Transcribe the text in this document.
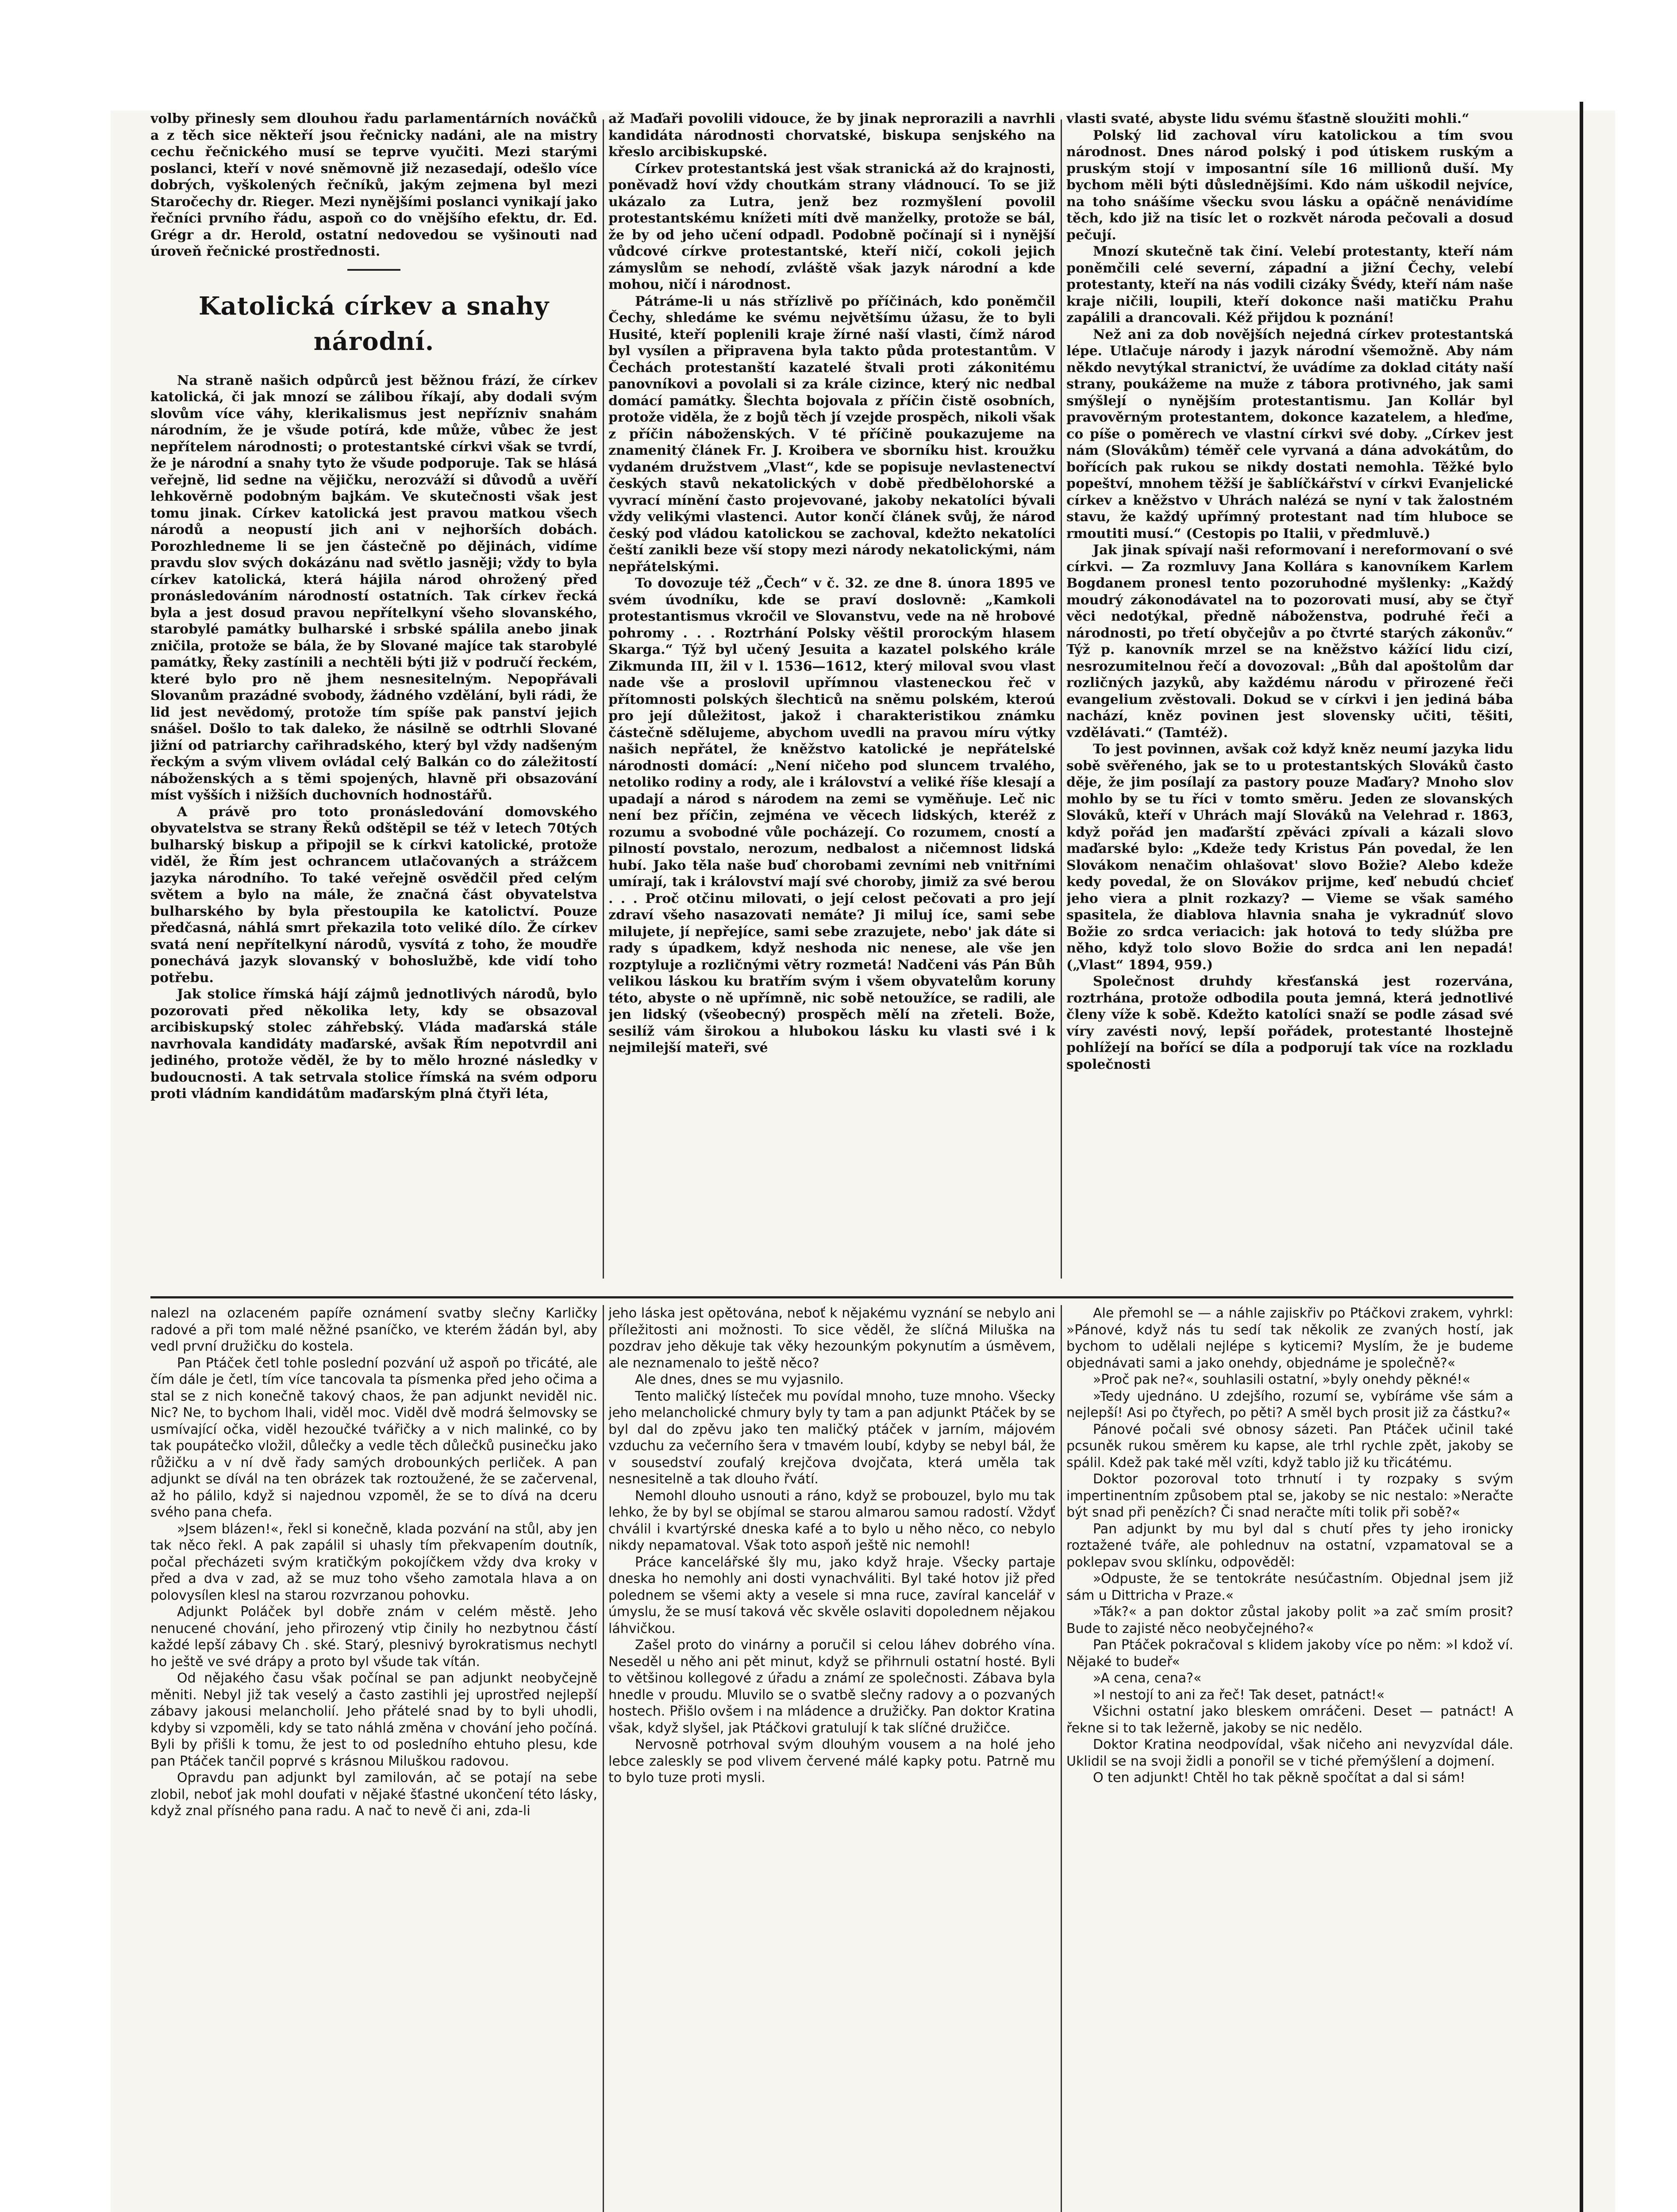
volby přinesly sem dlouhou řadu parlamentárních nováčků a z těch sice někteří jsou řečnicky nadáni, ale na mistry cechu řečnického musí se teprve vyučiti. Mezi starými poslanci, kteří v nové sněmovně již nezasedají, odešlo více dobrých, vyškolených řečníků, jakým zejmena byl mezi Staročechy dr. Rieger. Mezi nynějšími poslanci vynikají jako řečníci prvního řádu, aspoň co do vnějšího efektu, dr. Ed. Grégr a dr. Herold, ostatní nedovedou se vyšinouti nad úroveň řečnické prostřednosti.

Katolická církev a snahy národní.

Na straně našich odpůrců jest běžnou frází, že církev katolická, či jak mnozí se zálibou říkají, aby dodali svým slovům více váhy, klerikalismus jest nepřízniv snahám národním, že je všude potírá, kde může, vůbec že jest nepřítelem národnosti; o protestantské církvi však se tvrdí, že je národní a snahy tyto že všude podporuje. Tak se hlásá veřejně, lid sedne na vějičku, nerozváží si důvodů a uvěří lehkověrně podobným bajkám. Ve skutečnosti však jest tomu jinak. Církev katolická jest pravou matkou všech národů a neopustí jich ani v nejhorších dobách. Porozhledneme li se jen částečně po dějinách, vidíme pravdu slov svých dokázánu nad světlo jasněji; vždy to byla církev katolická, která hájila národ ohrožený před pronásledováním národností ostatních. Tak církev řecká byla a jest dosud pravou nepřítelkyní všeho slovanského, starobylé památky bulharské i srbské spálila anebo jinak zničila, protože se bála, že by Slované majíce tak starobylé památky, Řeky zastínili a nechtěli býti již v područí řeckém, které bylo pro ně jhem nesnesitelným. Nepopřávali Slovanům prazádné svobody, žádného vzdělání, byli rádi, že lid jest nevědomý, protože tím spíše pak panství jejich snášel. Došlo to tak daleko, že násilně se odtrhli Slované jižní od patriarchy cařihradského, který byl vždy nadšeným řeckým a svým vlivem ovládal celý Balkán co do záležitostí náboženských a s těmi spojených, hlavně při obsazování míst vyšších i nižších duchovních hodnostářů.

A právě pro toto pronásledování domovského obyvatelstva se strany Řeků odštěpil se též v letech 70tých bulharský biskup a připojil se k církvi katolické, protože viděl, že Řím jest ochrancem utlačovaných a strážcem jazyka národního. To také veřejně osvědčil před celým světem a bylo na mále, že značná část obyvatelstva bulharského by byla přestoupila ke katolictví. Pouze předčasná, náhlá smrt překazila toto veliké dílo. Že církev svatá není nepřítelkyní národů, vysvítá z toho, že moudře ponechává jazyk slovanský v bohoslužbě, kde vidí toho potřebu.

Jak stolice římská hájí zájmů jednotlivých národů, bylo pozorovati před několika lety, kdy se obsazoval arcibiskupský stolec záhřebský. Vláda maďarská stále navrhovala kandidáty maďarské, avšak Řím nepotvrdil ani jediného, protože věděl, že by to mělo hrozné následky v budoucnosti. A tak setrvala stolice římská na svém odporu proti vládním kandidátům maďarským plná čtyři léta,

až Maďaři povolili vidouce, že by jinak neprorazili a navrhli kandidáta národnosti chorvatské, biskupa senjského na křeslo arcibiskupské.

Církev protestantská jest však stranická až do krajnosti, poněvadž hoví vždy choutkám strany vládnoucí. To se již ukázalo za Lutra, jenž bez rozmyšlení povolil protestantskému knížeti míti dvě manželky, protože se bál, že by od jeho učení odpadl. Podobně počínají si i nynější vůdcové církve protestantské, kteří ničí, cokoli jejich zámyslům se nehodí, zvláště však jazyk národní a kde mohou, ničí i národnost.

Pátráme-li u nás střízlivě po příčinách, kdo poněmčil Čechy, shledáme ke svému největšímu úžasu, že to byli Husité, kteří poplenili kraje žírné naší vlasti, čímž národ byl vysílen a připravena byla takto půda protestantům. V Čechách protestanští kazatelé štvali proti zákonitému panovníkovi a povolali si za krále cizince, který nic nedbal domácí památky. Šlechta bojovala z příčin čistě osobních, protože viděla, že z bojů těch jí vzejde prospěch, nikoli však z příčin náboženských. V té příčině poukazujeme na znamenitý článek Fr. J. Kroibera ve sborníku hist. kroužku vydaném družstvem „Vlast“, kde se popisuje nevlastenectví českých stavů nekatolických v době předbělohorské a vyvrací mínění často projevované, jakoby nekatolíci bývali vždy velikými vlastenci. Autor končí článek svůj, že národ český pod vládou katolickou se zachoval, kdežto nekatolíci čeští zanikli beze vší stopy mezi národy nekatolickými, nám nepřátelskými.

To dovozuje též „Čech“ v č. 32. ze dne 8. února 1895 ve svém úvodníku, kde se praví doslovně: „Kamkoli protestantismus vkročil ve Slovanstvu, vede na ně hrobové pohromy . . . Roztrhání Polsky věštil prorockým hlasem Skarga.“ Týž byl učený Jesuita a kazatel polského krále Zikmunda III, žil v l. 1536—1612, který miloval svou vlast nade vše a proslovil upřímnou vlasteneckou řeč v přítomnosti polských šlechticů na sněmu polském, kteroú pro její důležitost, jakož i charakteristikou známku částečně sdělujeme, abychom uvedli na pravou míru výtky našich nepřátel, že kněžstvo katolické je nepřátelské národnosti domácí: „Není ničeho pod sluncem trvalého, netoliko rodiny a rody, ale i království a veliké říše klesají a upadají a národ s národem na zemi se vyměňuje. Leč nic není bez příčin, zejména ve věcech lidských, kteréž z rozumu a svobodné vůle pocházejí. Co rozumem, cností a pilností povstalo, nerozum, nedbalost a ničemnost lidská hubí. Jako těla naše buď chorobami zevními neb vnitřními umírají, tak i království mají své choroby, jimiž za své berou . . . Proč otčinu milovati, o její celost pečovati a pro její zdraví všeho nasazovati nemáte? Ji miluj íce, sami sebe milujete, jí nepřejíce, sami sebe zrazujete, nebo' jak dáte si rady s úpadkem, když neshoda nic nenese, ale vše jen rozptyluje a rozličnými větry rozmetá! Nadčeni vás Pán Bůh velikou láskou ku bratřím svým i všem obyvatelům koruny této, abyste o ně upřímně, nic sobě netoužíce, se radili, ale jen lidský (všeobecný) prospěch mělí na zřeteli. Bože, sesilíž vám širokou a hlubokou lásku ku vlasti své i k nejmilejší mateři, své

vlasti svaté, abyste lidu svému šťastně sloužiti mohli.“

Polský lid zachoval víru katolickou a tím svou národnost. Dnes národ polský i pod útiskem ruským a pruským stojí v imposantní síle 16 millionů duší. My bychom měli býti důslednějšími. Kdo nám uškodil nejvíce, na toho snášíme všecku svou lásku a opáčně nenávidíme těch, kdo již na tisíc let o rozkvět národa pečovali a dosud pečují.

Mnozí skutečně tak činí. Velebí protestanty, kteří nám poněmčili celé severní, západní a jižní Čechy, velebí protestanty, kteří na nás vodili cizáky Švédy, kteří nám naše kraje ničili, loupili, kteří dokonce naši matičku Prahu zapálili a drancovali. Kéž přijdou k poznání!

Než ani za dob novějších nejedná církev protestantská lépe. Utlačuje národy i jazyk národní všemožně. Aby nám někdo nevytýkal stranictví, že uvádíme za doklad citáty naší strany, poukážeme na muže z tábora protivného, jak sami smýšlejí o nynějším protestantismu. Jan Kollár byl pravověrným protestantem, dokonce kazatelem, a hleďme, co píše o poměrech ve vlastní církvi své doby. „Církev jest nám (Slovákům) téměř cele vyrvaná a dána advokátům, do bořících pak rukou se nikdy dostati nemohla. Těžké bylo popeštví, mnohem těžší je šablíčkářství v církvi Evanjelické církev a kněžstvo v Uhrách nalézá se nyní v tak žalostném stavu, že každý upřímný protestant nad tím hluboce se rmoutiti musí.“ (Cestopis po Italii, v předmluvě.)

Jak jinak spívají naši reformovaní i nereformovaní o své církvi. — Za rozmluvy Jana Kollára s kanovníkem Karlem Bogdanem pronesl tento pozoruhodné myšlenky: „Každý moudrý zákonodávatel na to pozorovati musí, aby se čtyř věci nedotýkal, předně náboženstva, podruhé řeči a národnosti, po třetí obyčejův a po čtvrté starých zákonův.“ Týž p. kanovník mrzel se na kněžstvo kážící lidu cizí, nesrozumitelnou řečí a dovozoval: „Bůh dal apoštolům dar rozličných jazyků, aby každému národu v přirozené řeči evangelium zvěstovali. Dokud se v církvi i jen jediná bába nachází, kněz povinen jest slovensky učiti, těšiti, vzdělávati.“ (Tamtéž).

To jest povinnen, avšak což když kněz neumí jazyka lidu sobě svěřeného, jak se to u protestantských Slováků často děje, že jim posílají za pastory pouze Maďary? Mnoho slov mohlo by se tu říci v tomto směru. Jeden ze slovanských Slováků, kteří v Uhrách mají Slováků na Velehrad r. 1863, když pořád jen maďarští zpěváci zpívali a kázali slovo maďarské bylo: „Kdeže tedy Kristus Pán povedal, že len Slovákom nenačim ohlašovat' slovo Božie? Alebo kdeže kedy povedal, že on Slovákov prijme, keď nebudú chcieť jeho viera a plnit rozkazy? — Vieme se však samého spasitela, že diablova hlavnia snaha je vykradnúť slovo Božie zo srdca veriacich: jak hotová to tedy slúžba pre něho, když tolo slovo Božie do srdca ani len nepadá! („Vlast“ 1894, 959.)

Společnost druhdy křesťanská jest rozervána, roztrhána, protože odbodila pouta jemná, která jednotlivé členy víže k sobě. Kdežto katolíci snaží se podle zásad své víry zavésti nový, lepší pořádek, protestanté lhostejně pohlížejí na bořící se díla a podporují tak více na rozkladu společnosti

nalezl na ozlaceném papíře oznámení svatby slečny Karličky radové a při tom malé něžné psaníčko, ve kterém žádán byl, aby vedl první družičku do kostela.

Pan Ptáček četl tohle poslední pozvání už aspoň po třicáté, ale čím dále je četl, tím více tancovala ta písmenka před jeho očima a stal se z nich konečně takový chaos, že pan adjunkt neviděl nic. Nic? Ne, to bychom lhali, viděl moc. Viděl dvě modrá šelmovsky se usmívající očka, viděl hezoučké tvářičky a v nich malinké, co by tak poupátečko vložil, důlečky a vedle těch důlečků pusinečku jako růžičku a v ní dvě řady samých drobounkých perliček. A pan adjunkt se dívál na ten obrázek tak roztoužené, že se začervenal, až ho pálilo, když si najednou vzpoměl, že se to dívá na dceru svého pana chefa.

»Jsem blázen!«, řekl si konečně, klada pozvání na stůl, aby jen tak něco řekl. A pak zapálil si uhasly tím překvapením doutník, počal přecházeti svým kratičkým pokojíčkem vždy dva kroky v před a dva v zad, až se muz toho všeho zamotala hlava a on polovysílen klesl na starou rozvrzanou pohovku.

Adjunkt Poláček byl dobře znám v celém městě. Jeho nenucené chování, jeho přirozený vtip činily ho nezbytnou částí každé lepší zábavy Ch . ské. Starý, plesnivý byrokratismus nechytl ho ještě ve své drápy a proto byl všude tak vítán.

Od nějakého času však počínal se pan adjunkt neobyčejně měniti. Nebyl již tak veselý a často zastihli jej uprostřed nejlepší zábavy jakousi melancholií. Jeho přátelé snad by to byli uhodli, kdyby si vzpoměli, kdy se tato náhlá změna v chování jeho počíná. Byli by přišli k tomu, že jest to od posledního ehtuho plesu, kde pan Ptáček tančil poprvé s krásnou Miluškou radovou.

Opravdu pan adjunkt byl zamilován, ač se potají na sebe zlobil, neboť jak mohl doufati v nějaké šťastné ukončení této lásky, když znal přísného pana radu. A nač to nevě či ani, zda-li

jeho láska jest opětována, neboť k nějakému vyznání se nebylo ani příležitosti ani možnosti. To sice věděl, že slíčná Miluška na pozdrav jeho děkuje tak věky hezounkým pokynutím a úsměvem, ale neznamenalo to ještě něco?

Ale dnes, dnes se mu vyjasnilo.

Tento maličký lísteček mu povídal mnoho, tuze mnoho. Všecky jeho melancholické chmury byly ty tam a pan adjunkt Ptáček by se byl dal do zpěvu jako ten maličký ptáček v jarním, májovém vzduchu za večerního šera v tmavém loubí, kdyby se nebyl bál, že v sousedství zoufalý krejčova dvojčata, která uměla tak nesnesitelně a tak dlouho řvátí.

Nemohl dlouho usnouti a ráno, když se probouzel, bylo mu tak lehko, že by byl se objímal se starou almarou samou radostí. Vždyť chválil i kvartýrské dneska kafé a to bylo u něho něco, co nebylo nikdy nepamatoval. Však toto aspoň ještě nic nemohl!

Práce kancelářské šly mu, jako když hraje. Všecky partaje dneska ho nemohly ani dosti vynachváliti. Byl také hotov již před polednem se všemi akty a vesele si mna ruce, zavíral kancelář v úmyslu, že se musí taková věc skvěle oslaviti dopolednem nějakou láhvičkou.

Zašel proto do vinárny a poručil si celou láhev dobrého vína. Neseděl u něho ani pět minut, když se přihrnuli ostatní hosté. Byli to většinou kollegové z úřadu a známí ze společnosti. Zábava byla hnedle v proudu. Mluvilo se o svatbě slečny radovy a o pozvaných hostech. Přišlo ovšem i na mládence a družičky. Pan doktor Kratina však, když slyšel, jak Ptáčkovi gratulují k tak slíčné družičce.

Nervosně potrhoval svým dlouhým vousem a na holé jeho lebce zaleskly se pod vlivem červené málé kapky potu. Patrně mu to bylo tuze proti mysli.

Ale přemohl se — a náhle zajiskřiv po Ptáčkovi zrakem, vyhrkl: »Pánové, když nás tu sedí tak několik ze zvaných hostí, jak bychom to udělali nejlépe s kyticemi? Myslím, že je budeme objednávati sami a jako onehdy, objednáme je společně?«

»Proč pak ne?«, souhlasili ostatní, »byly onehdy pěkné!«

»Tedy ujednáno. U zdejšího, rozumí se, vybíráme vše sám a nejlepší! Asi po čtyřech, po pěti? A směl bych prosit již za částku?«

Pánové počali své obnosy sázeti. Pan Ptáček učinil také pcsuněk rukou směrem ku kapse, ale trhl rychle zpět, jakoby se spálil. Kdež pak také měl vzíti, když tablo již ku třicátému.

Doktor pozoroval toto trhnutí i ty rozpaky s svým impertinentním způsobem ptal se, jakoby se nic nestalo: »Neračte být snad při penězích? Či snad neračte míti tolik při sobě?«

Pan adjunkt by mu byl dal s chutí přes ty jeho ironicky roztažené tváře, ale pohlednuv na ostatní, vzpamatoval se a poklepav svou sklínku, odpověděl:

»Odpuste, že se tentokráte nesúčastním. Objednal jsem již sám u Dittricha v Praze.«

»Ták?« a pan doktor zůstal jakoby polit »a zač smím prosit? Bude to zajisté něco neobyčejného?«

Pan Ptáček pokračoval s klidem jakoby více po něm: »I kdož ví. Nějaké to budeř«

»A cena, cena?«

»I nestojí to ani za řeč! Tak deset, patnáct!«

Všichni ostatní jako bleskem omráčeni. Deset — patnáct! A řekne si to tak ležerně, jakoby se nic nedělo.

Doktor Kratina neodpovídal, však ničeho ani nevyzvídal dále. Uklidil se na svoji židli a ponořil se v tiché přemýšlení a dojmení.

O ten adjunkt! Chtěl ho tak pěkně spočítat a dal si sám!
